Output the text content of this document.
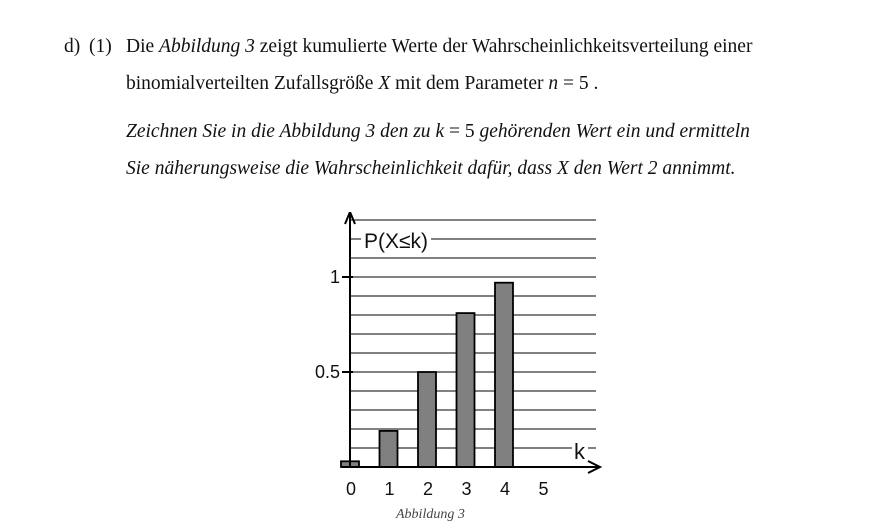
d) (1) Die Abbildung 3 zeigt kumulierte Werte der Wahrscheinlichkeitsverteilung einer
binomialverteilten Zufallsgröße X mit dem Parameter n = 5 .
Zeichnen Sie in die Abbildung 3 den zu k = 5 gehörenden Wert ein und ermitteln
Sie näherungsweise die Wahrscheinlichkeit dafür, dass X den Wert 2 annimmt.
0.5
1
0 1 2 3 4 5
P(X≤k)
k
Abbildung 3
